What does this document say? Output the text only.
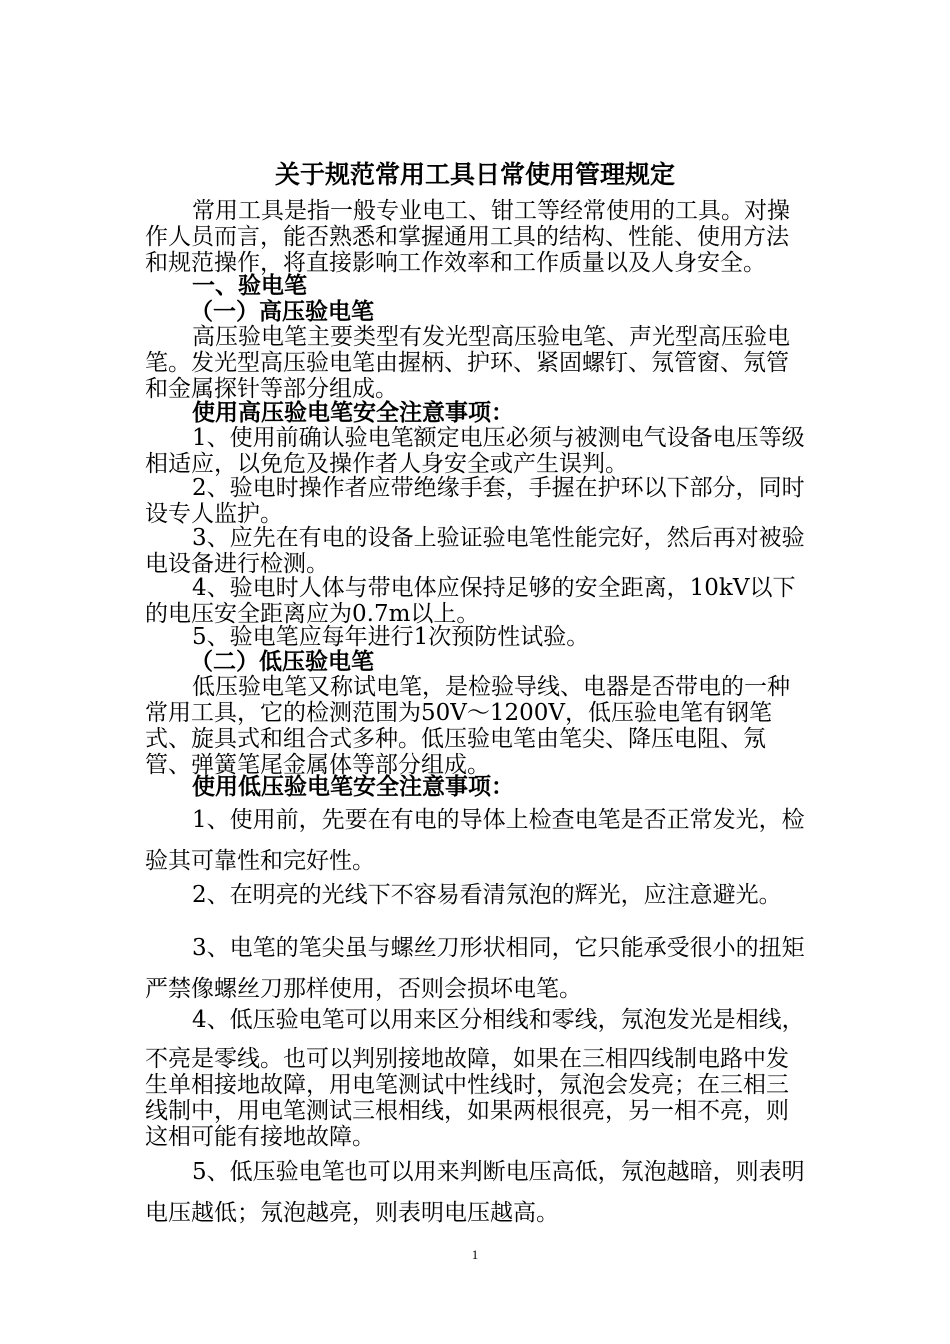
关于规范常用工具日常使用管理规定

常用工具是指一般专业电工、钳工等经常使用的工具。对操作人员而言，能否熟悉和掌握通用工具的结构、性能、使用方法和规范操作，将直接影响工作效率和工作质量以及人身安全。

一、验电笔

（一）高压验电笔

高压验电笔主要类型有发光型高压验电笔、声光型高压验电笔。发光型高压验电笔由握柄、护环、紧固螺钉、氖管窗、氖管和金属探针等部分组成。

使用高压验电笔安全注意事项：

1、使用前确认验电笔额定电压必须与被测电气设备电压等级相适应，以免危及操作者人身安全或产生误判。

2、验电时操作者应带绝缘手套，手握在护环以下部分，同时设专人监护。

3、应先在有电的设备上验证验电笔性能完好，然后再对被验电设备进行检测。

4、验电时人体与带电体应保持足够的安全距离，10kV以下的电压安全距离应为0.7m以上。

5、验电笔应每年进行1次预防性试验。

（二）低压验电笔

低压验电笔又称试电笔，是检验导线、电器是否带电的一种常用工具，它的检测范围为50V～1200V，低压验电笔有钢笔式、旋具式和组合式多种。低压验电笔由笔尖、降压电阻、氖管、弹簧笔尾金属体等部分组成。

使用低压验电笔安全注意事项：

1、使用前，先要在有电的导体上检查电笔是否正常发光，检验其可靠性和完好性。

2、在明亮的光线下不容易看清氖泡的辉光，应注意避光。

3、电笔的笔尖虽与螺丝刀形状相同，它只能承受很小的扭矩严禁像螺丝刀那样使用，否则会损坏电笔。

4、低压验电笔可以用来区分相线和零线，氖泡发光是相线，

不亮是零线。也可以判别接地故障，如果在三相四线制电路中发生单相接地故障，用电笔测试中性线时，氖泡会发亮；在三相三线制中，用电笔测试三根相线，如果两根很亮，另一相不亮，则这相可能有接地故障。

5、低压验电笔也可以用来判断电压高低，氖泡越暗，则表明电压越低；氖泡越亮，则表明电压越高。

1
